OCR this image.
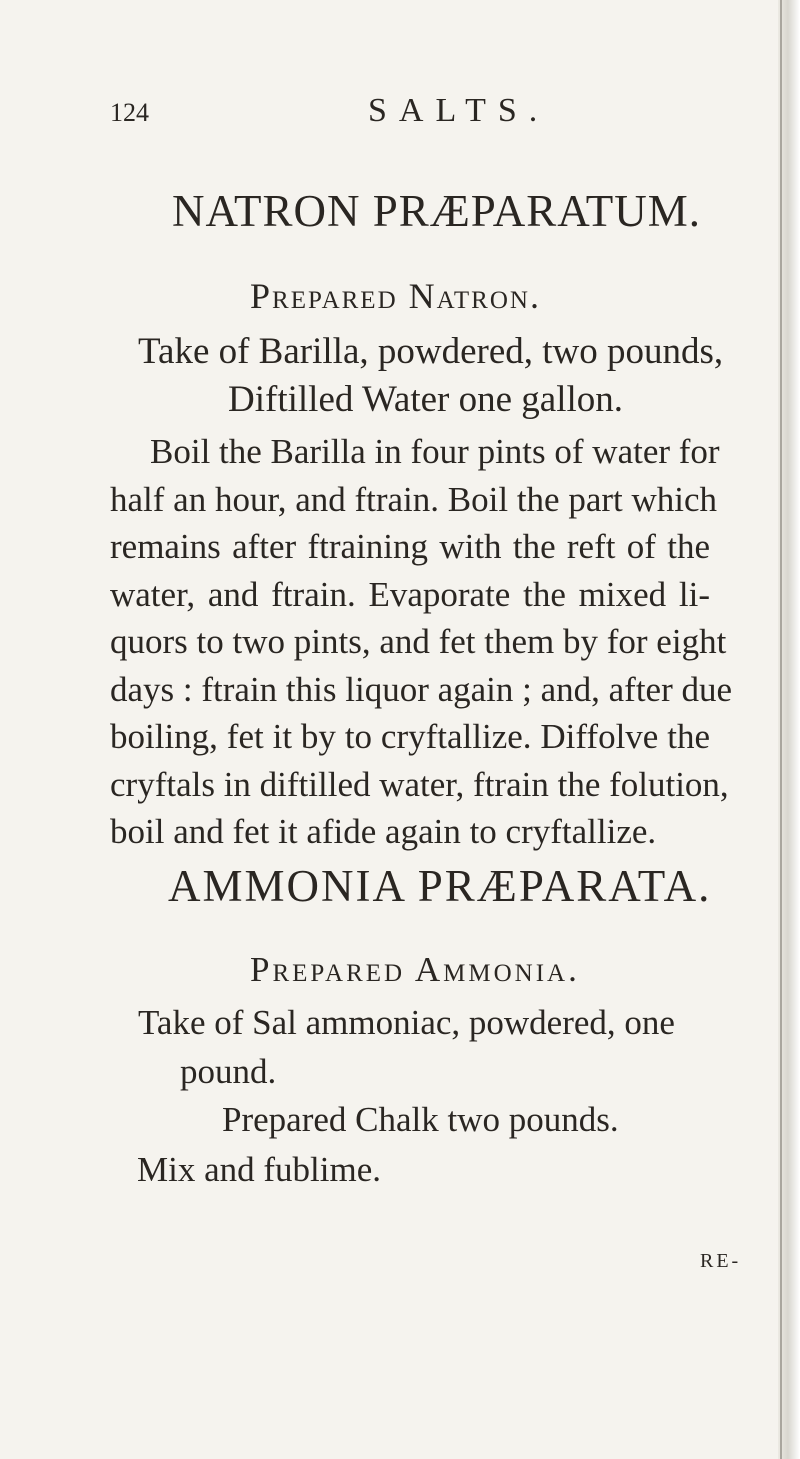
124	SALTS.
NATRON PRÆPARATUM.
Prepared Natron.
Take of Barilla, powdered, two pounds,
Diftilled Water one gallon.

Boil the Barilla in four pints of water for
half an hour, and ftrain. Boil the part which
remains after ftraining with the reft of the
water, and ftrain. Evaporate the mixed li-
quors to two pints, and fet them by for eight
days : ftrain this liquor again ; and, after due
boiling, fet it by to cryftallize. Diffolve the
cryftals in diftilled water, ftrain the folution,
boil and fet it afide again to cryftallize.

AMMONIA PRÆPARATA.
Prepared Ammonia.
Take of Sal ammoniac, powdered, one
pound.
Prepared Chalk two pounds.
Mix and fublime.
RE-
